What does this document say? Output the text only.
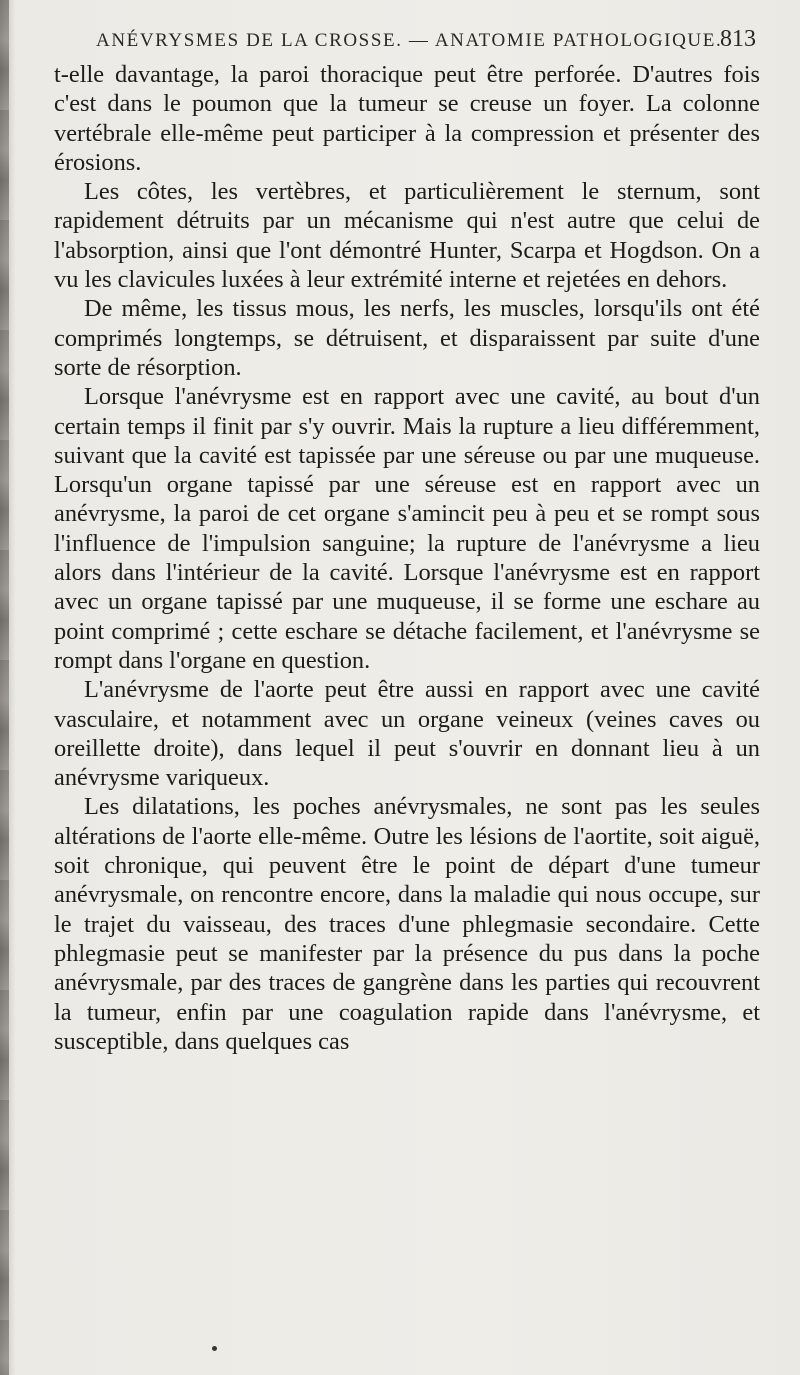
ANÉVRYSMES DE LA CROSSE. — ANATOMIE PATHOLOGIQUE.
813

t-elle davantage, la paroi thoracique peut être perforée. D'autres fois c'est dans le poumon que la tumeur se creuse un foyer. La colonne vertébrale elle-même peut participer à la compression et présenter des érosions.

Les côtes, les vertèbres, et particulièrement le sternum, sont rapidement détruits par un mécanisme qui n'est autre que celui de l'absorption, ainsi que l'ont démontré Hunter, Scarpa et Hogdson. On a vu les clavicules luxées à leur extrémité interne et rejetées en dehors.

De même, les tissus mous, les nerfs, les muscles, lorsqu'ils ont été comprimés longtemps, se détruisent, et disparaissent par suite d'une sorte de résorption.

Lorsque l'anévrysme est en rapport avec une cavité, au bout d'un certain temps il finit par s'y ouvrir. Mais la rupture a lieu différemment, suivant que la cavité est tapissée par une séreuse ou par une muqueuse. Lorsqu'un organe tapissé par une séreuse est en rapport avec un anévrysme, la paroi de cet organe s'amincit peu à peu et se rompt sous l'influence de l'impulsion sanguine; la rupture de l'anévrysme a lieu alors dans l'intérieur de la cavité. Lorsque l'anévrysme est en rapport avec un organe tapissé par une muqueuse, il se forme une eschare au point comprimé ; cette eschare se détache facilement, et l'anévrysme se rompt dans l'organe en question.

L'anévrysme de l'aorte peut être aussi en rapport avec une cavité vasculaire, et notamment avec un organe veineux (veines caves ou oreillette droite), dans lequel il peut s'ouvrir en donnant lieu à un anévrysme variqueux.

Les dilatations, les poches anévrysmales, ne sont pas les seules altérations de l'aorte elle-même. Outre les lésions de l'aortite, soit aiguë, soit chronique, qui peuvent être le point de départ d'une tumeur anévrysmale, on rencontre encore, dans la maladie qui nous occupe, sur le trajet du vaisseau, des traces d'une phlegmasie secondaire. Cette phlegmasie peut se manifester par la présence du pus dans la poche anévrysmale, par des traces de gangrène dans les parties qui recouvrent la tumeur, enfin par une coagulation rapide dans l'anévrysme, et susceptible, dans quelques cas
